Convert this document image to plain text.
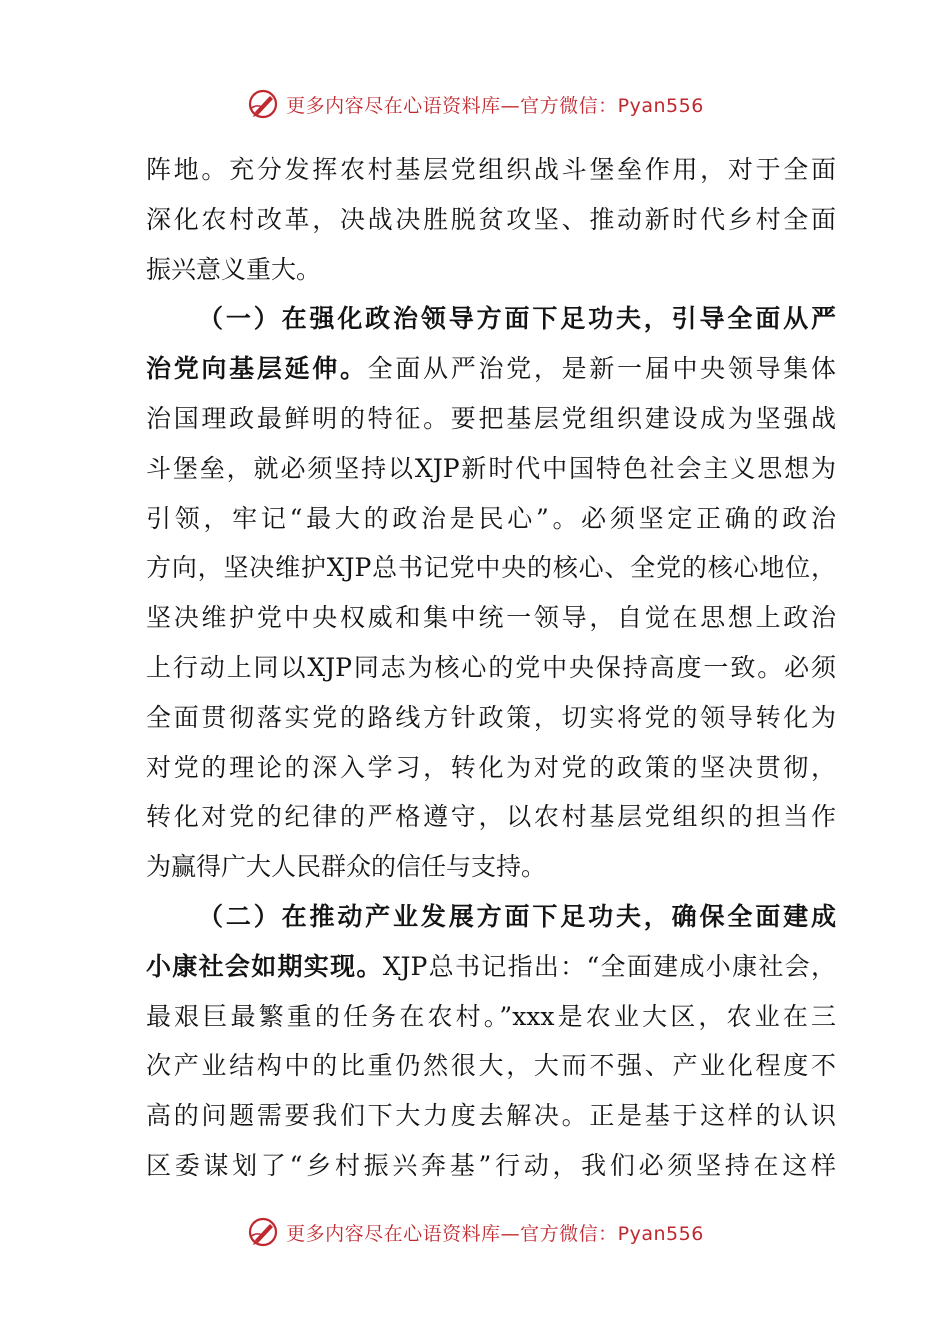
更多内容尽在心语资料库—官方微信：Pyan556
阵地。充分发挥农村基层党组织战斗堡垒作用，对于全面
深化农村改革，决战决胜脱贫攻坚、推动新时代乡村全面
振兴意义重大。
（一）在强化政治领导方面下足功夫，引导全面从严
治党向基层延伸。全面从严治党，是新一届中央领导集体
治国理政最鲜明的特征。要把基层党组织建设成为坚强战
斗堡垒，就必须坚持以XJP新时代中国特色社会主义思想为
引领，牢记“最大的政治是民心”。必须坚定正确的政治
方向，坚决维护XJP总书记党中央的核心、全党的核心地位，
坚决维护党中央权威和集中统一领导，自觉在思想上政治
上行动上同以XJP同志为核心的党中央保持高度一致。必须
全面贯彻落实党的路线方针政策，切实将党的领导转化为
对党的理论的深入学习，转化为对党的政策的坚决贯彻，
转化对党的纪律的严格遵守，以农村基层党组织的担当作
为赢得广大人民群众的信任与支持。
（二）在推动产业发展方面下足功夫，确保全面建成
小康社会如期实现。XJP总书记指出：“全面建成小康社会，
最艰巨最繁重的任务在农村。”xxx是农业大区，农业在三
次产业结构中的比重仍然很大，大而不强、产业化程度不
高的问题需要我们下大力度去解决。正是基于这样的认识
区委谋划了“乡村振兴奔基”行动，我们必须坚持在这样
更多内容尽在心语资料库—官方微信：Pyan556
